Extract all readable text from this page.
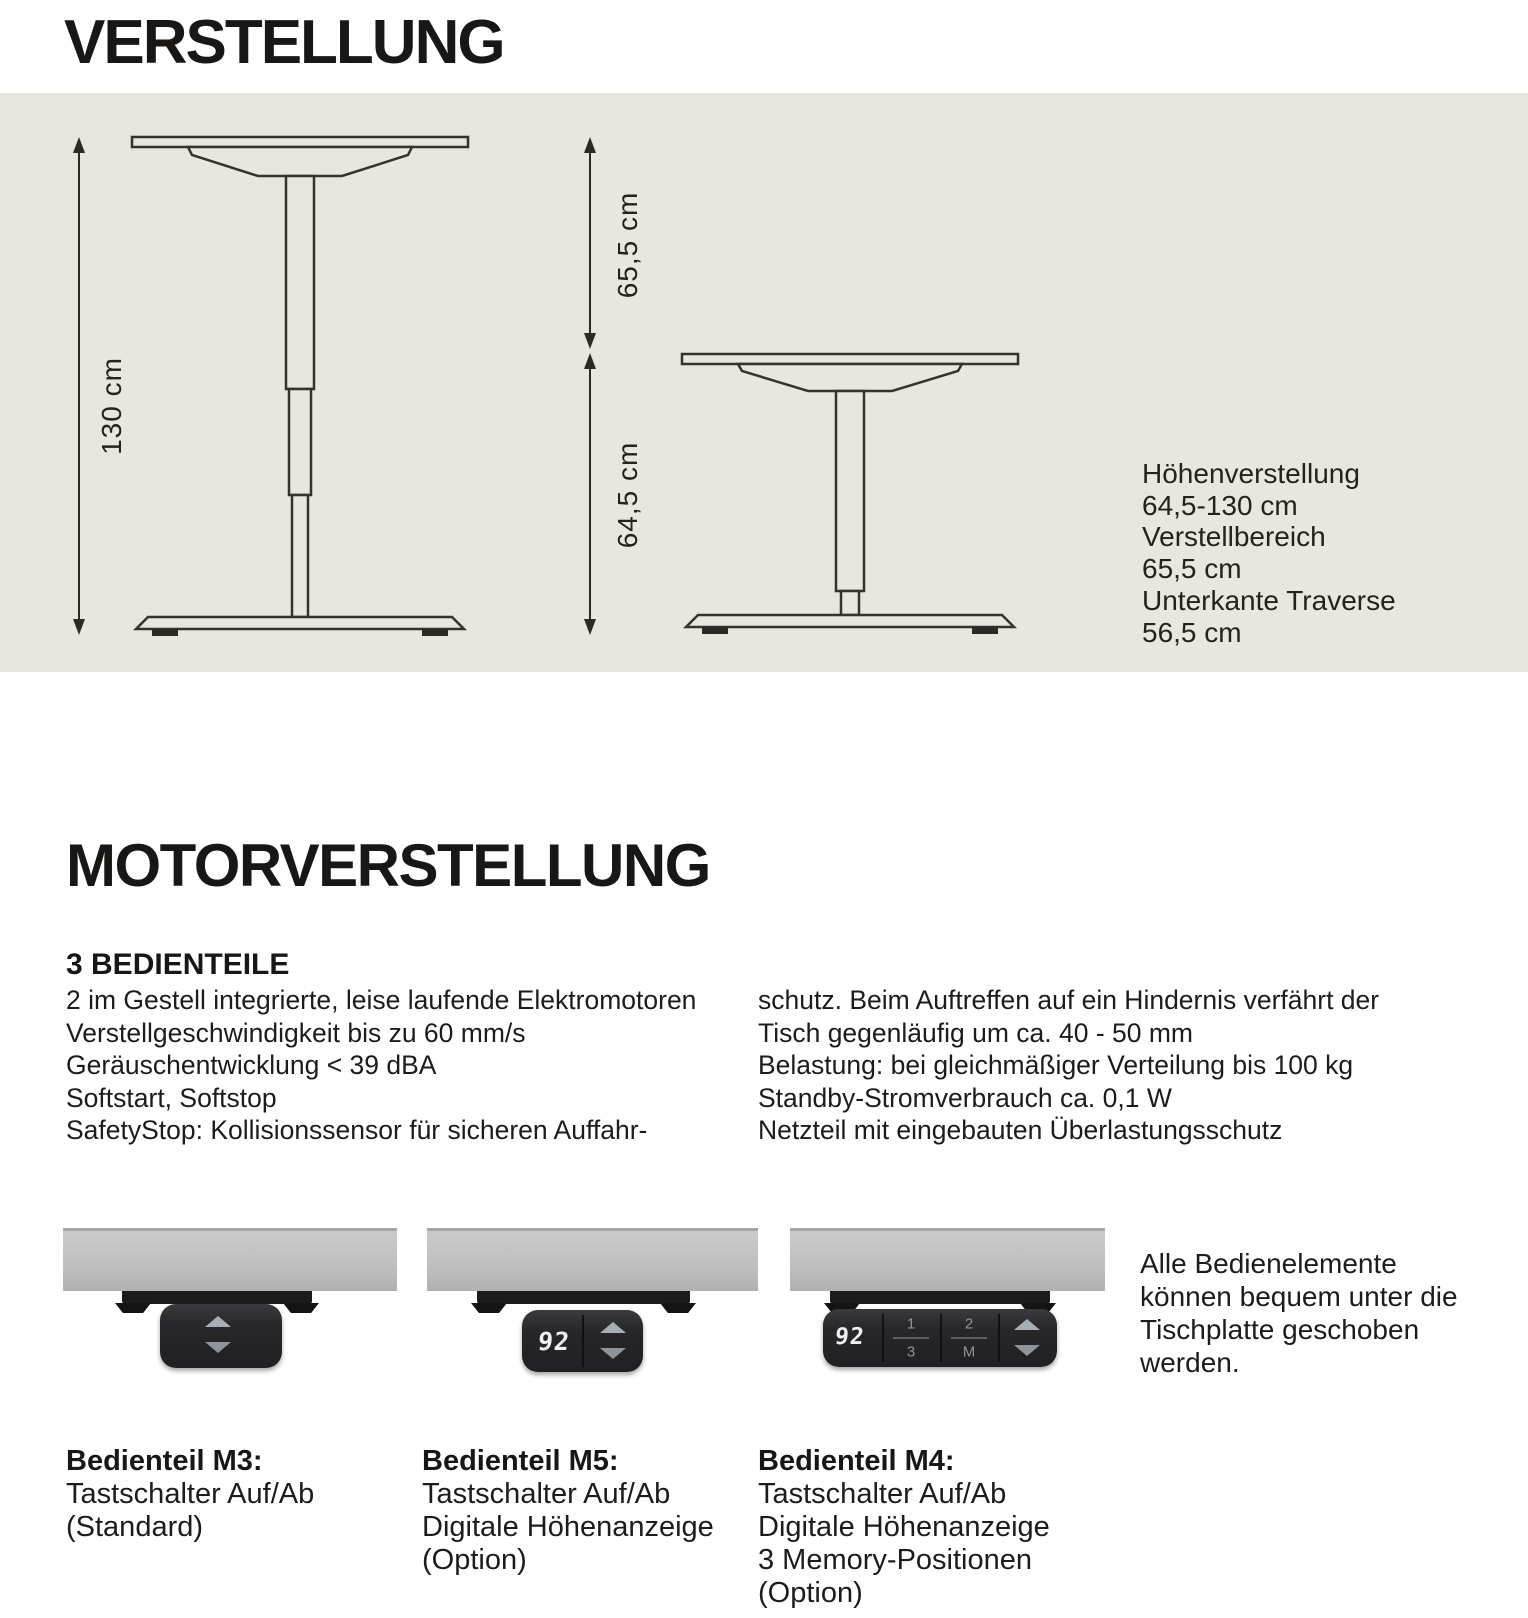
VERSTELLUNG
130 cm
65,5 cm
64,5 cm	Höhenverstellung
64,5-130 cm
Verstellbereich
65,5 cm
Unterkante Traverse
56,5 cm
MOTORVERSTELLUNG
3 BEDIENTEILE
2 im Gestell integrierte, leise laufende Elektromotoren
Verstellgeschwindigkeit bis zu 60 mm/s
Geräuschentwicklung < 39 dBA
Softstart, Softstop
SafetyStop: Kollisionssensor für sicheren Auffahr-
schutz. Beim Auftreffen auf ein Hindernis verfährt der
Tisch gegenläufig um ca. 40 - 50 mm
Belastung: bei gleichmäßiger Verteilung bis 100 kg
Standby-Stromverbrauch ca. 0,1 W
Netzteil mit eingebauten Überlastungsschutz
92	92	1
3
2
M
Alle Bedienelemente
können bequem unter die
Tischplatte geschoben
werden.
Bedienteil M3:
Tastschalter Auf/Ab
(Standard)
Bedienteil M5:
Tastschalter Auf/Ab
Digitale Höhenanzeige
(Option)
Bedienteil M4:
Tastschalter Auf/Ab
Digitale Höhenanzeige
3 Memory-Positionen
(Option)
